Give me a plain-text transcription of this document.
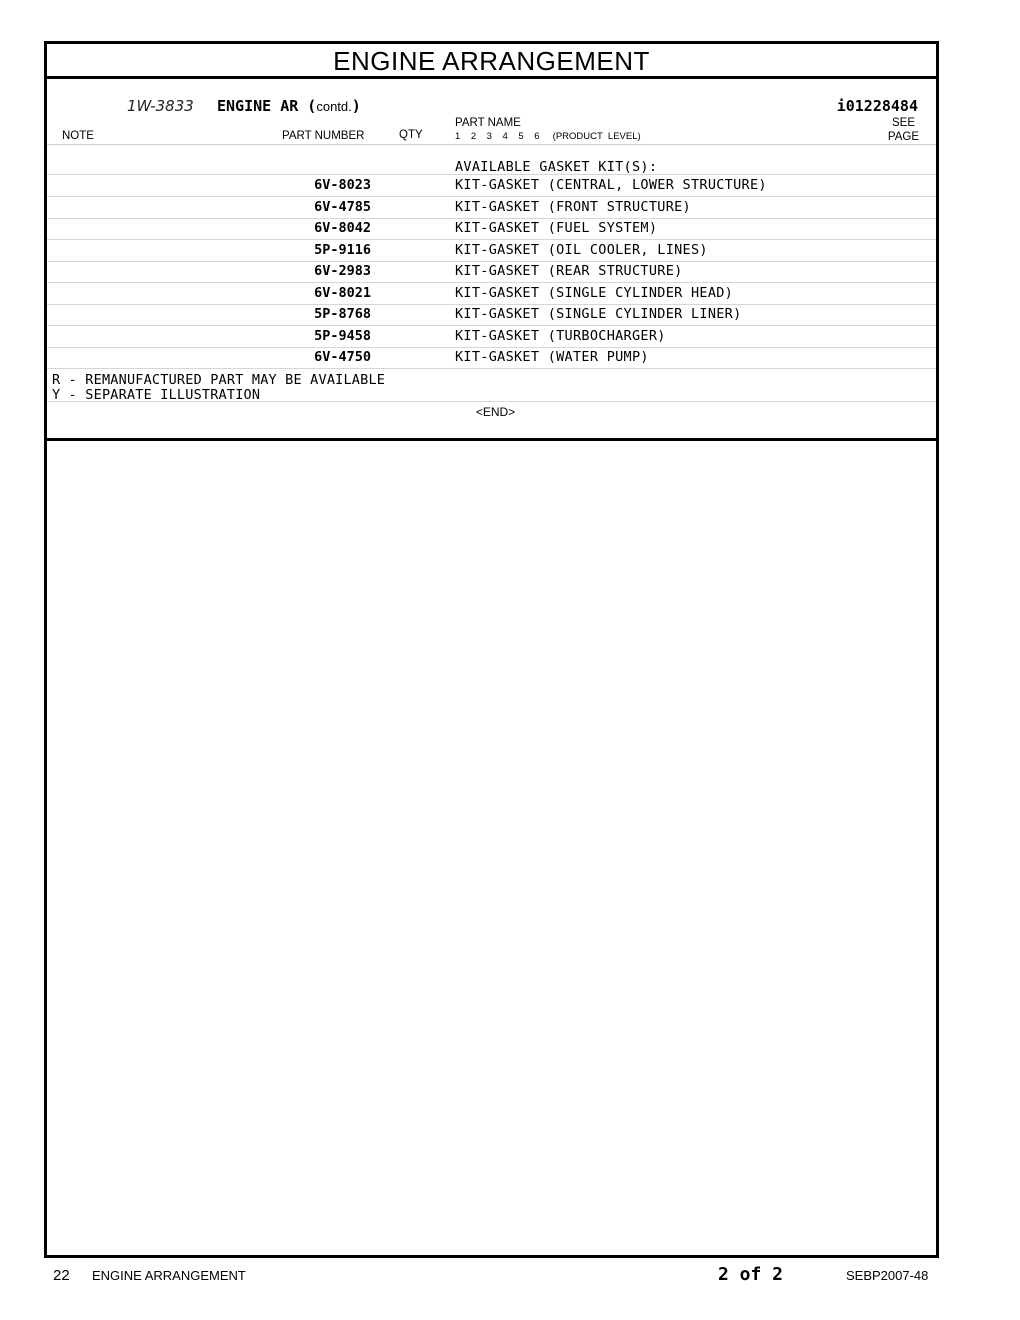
ENGINE ARRANGEMENT
1W-3833 ENGINE AR (contd.)	i01228484
NOTE	PART NUMBER	QTY
PART NAME
1    2    3    4    5    6     (PRODUCT  LEVEL)
SEE
PAGE
AVAILABLE GASKET KIT(S):
6V-8023	KIT-GASKET (CENTRAL, LOWER STRUCTURE)
6V-4785	KIT-GASKET (FRONT STRUCTURE)
6V-8042	KIT-GASKET (FUEL SYSTEM)
5P-9116	KIT-GASKET (OIL COOLER, LINES)
6V-2983	KIT-GASKET (REAR STRUCTURE)
6V-8021	KIT-GASKET (SINGLE CYLINDER HEAD)
5P-8768	KIT-GASKET (SINGLE CYLINDER LINER)
5P-9458	KIT-GASKET (TURBOCHARGER)
6V-4750	KIT-GASKET (WATER PUMP)
R - REMANUFACTURED PART MAY BE AVAILABLE
Y - SEPARATE ILLUSTRATION
<END>
22 ENGINE ARRANGEMENT	2 of 2	SEBP2007-48
